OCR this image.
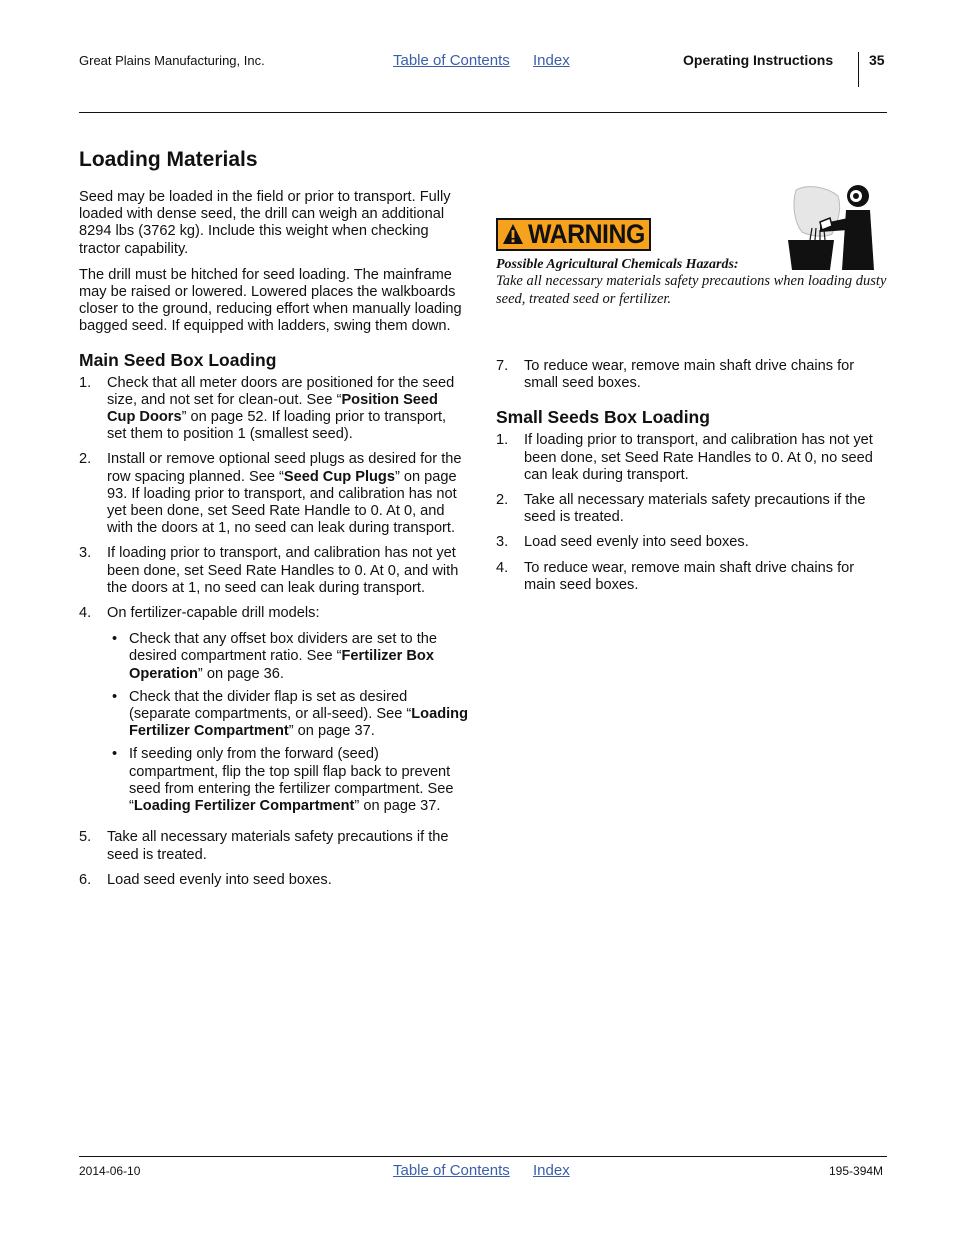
Great Plains Manufacturing, Inc.	Table of Contents Index	Operating Instructions	35
Loading Materials

Seed may be loaded in the field or prior to transport. Fully loaded with dense seed, the drill can weigh an additional 8294 lbs (3762 kg). Include this weight when checking tractor capability.

The drill must be hitched for seed loading. The mainframe may be raised or lowered. Lowered places the walkboards closer to the ground, reducing effort when manually loading bagged seed. If equipped with ladders, swing them down.

Main Seed Box Loading
1. Check that all meter doors are positioned for the seed size, and not set for clean-out. See “Position Seed Cup Doors” on page 52. If loading prior to transport, set them to position 1 (smallest seed).
2. Install or remove optional seed plugs as desired for the row spacing planned. See “Seed Cup Plugs” on page 93. If loading prior to transport, and calibration has not yet been done, set Seed Rate Handle to 0. At 0, and with the doors at 1, no seed can leak during transport.
3. If loading prior to transport, and calibration has not yet been done, set Seed Rate Handles to 0. At 0, and with the doors at 1, no seed can leak during transport.
4. On fertilizer-capable drill models:
• Check that any offset box dividers are set to the desired compartment ratio. See “Fertilizer Box Operation” on page 36.
• Check that the divider flap is set as desired (separate compartments, or all-seed). See “Loading Fertilizer Compartment” on page 37.
• If seeding only from the forward (seed) compartment, flip the top spill flap back to prevent seed from entering the fertilizer compartment. See “Loading Fertilizer Compartment” on page 37.
5. Take all necessary materials safety precautions if the seed is treated.
6. Load seed evenly into seed boxes.
WARNING
Possible Agricultural Chemicals Hazards:
Take all necessary materials safety precautions when loading dusty seed, treated seed or fertilizer.
7. To reduce wear, remove main shaft drive chains for small seed boxes.
Small Seeds Box Loading
1. If loading prior to transport, and calibration has not yet been done, set Seed Rate Handles to 0. At 0, no seed can leak during transport.
2. Take all necessary materials safety precautions if the seed is treated.
3. Load seed evenly into seed boxes.
4. To reduce wear, remove main shaft drive chains for main seed boxes.
2014-06-10	Table of Contents Index	195-394M
